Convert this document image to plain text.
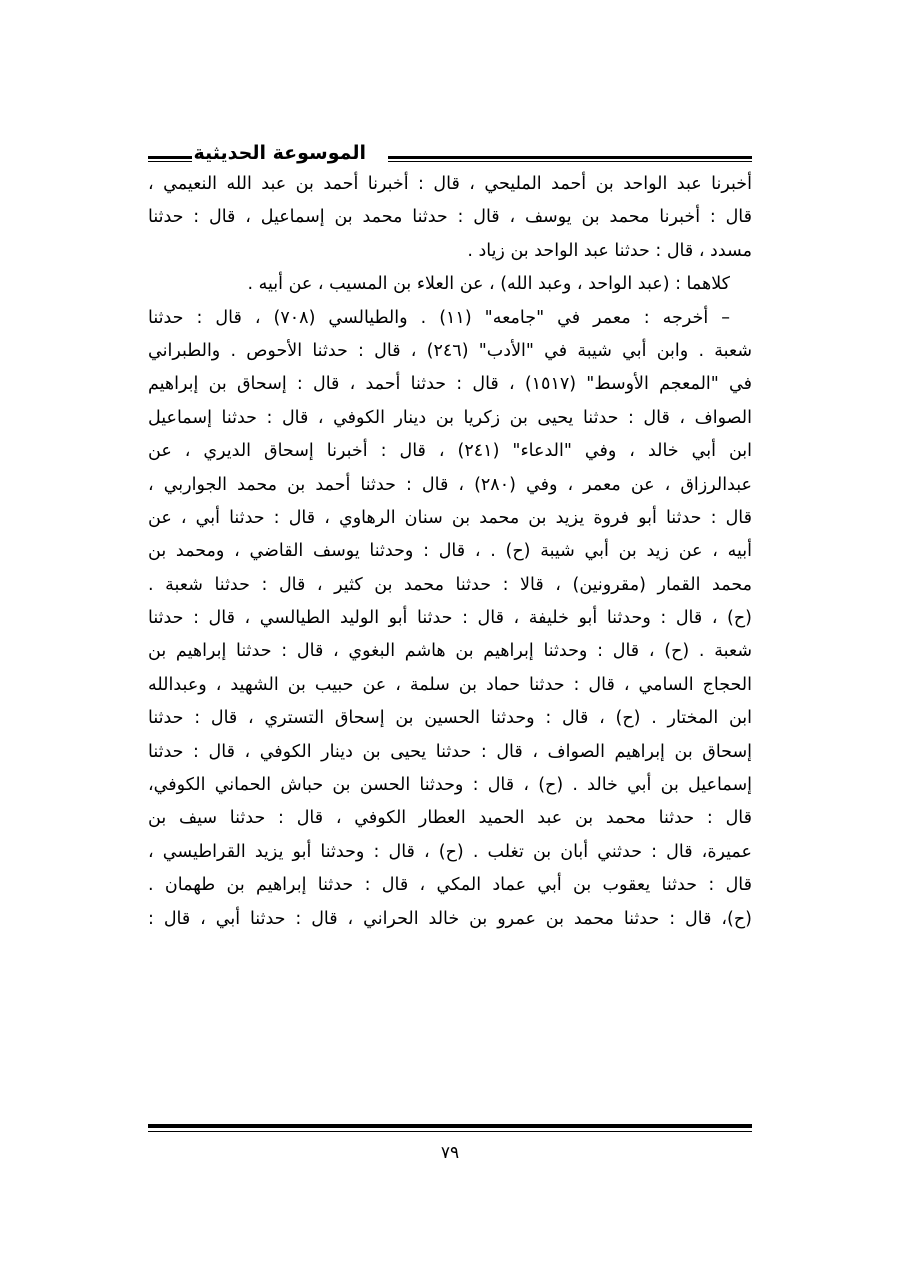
الموسوعة الحديثية
أخبرنا عبد الواحد بن أحمد المليحي ، قال : أخبرنا أحمد بن عبد الله النعيمي ،
قال : أخبرنا محمد بن يوسف ، قال : حدثنا محمد بن إسماعيل ، قال : حدثنا
مسدد ، قال : حدثنا عبد الواحد بن زياد .
كلاهما : (عبد الواحد ، وعبد الله) ، عن العلاء بن المسيب ، عن أبيه .
– أخرجه : معمر في "جامعه" (١١) . والطيالسي (٧٠٨) ، قال : حدثنا
شعبة . وابن أبي شيبة في "الأدب" (٢٤٦) ، قال : حدثنا الأحوص . والطبراني
في "المعجم الأوسط" (١٥١٧) ، قال : حدثنا أحمد ، قال : إسحاق بن إبراهيم
الصواف ، قال : حدثنا يحيى بن زكريا بن دينار الكوفي ، قال : حدثنا إسماعيل
ابن أبي خالد ، وفي "الدعاء" (٢٤١) ، قال : أخبرنا إسحاق الديري ، عن
عبدالرزاق ، عن معمر ، وفي (٢٨٠) ، قال : حدثنا أحمد بن محمد الجواربي ،
قال : حدثنا أبو فروة يزيد بن محمد بن سنان الرهاوي ، قال : حدثنا أبي ، عن
أبيه ، عن زيد بن أبي شيبة (ح) . ، قال : وحدثنا يوسف القاضي ، ومحمد بن
محمد القمار (مقرونين) ، قالا : حدثنا محمد بن كثير ، قال : حدثنا شعبة .
(ح) ، قال : وحدثنا أبو خليفة ، قال : حدثنا أبو الوليد الطيالسي ، قال : حدثنا
شعبة . (ح) ، قال : وحدثنا إبراهيم بن هاشم البغوي ، قال : حدثنا إبراهيم بن
الحجاج السامي ، قال : حدثنا حماد بن سلمة ، عن حبيب بن الشهيد ، وعبدالله
ابن المختار . (ح) ، قال : وحدثنا الحسين بن إسحاق التستري ، قال : حدثنا
إسحاق بن إبراهيم الصواف ، قال : حدثنا يحيى بن دينار الكوفي ، قال : حدثنا
إسماعيل بن أبي خالد . (ح) ، قال : وحدثنا الحسن بن حباش الحماني الكوفي،
قال : حدثنا محمد بن عبد الحميد العطار الكوفي ، قال : حدثنا سيف بن
عميرة، قال : حدثني أبان بن تغلب . (ح) ، قال : وحدثنا أبو يزيد القراطيسي ،
قال : حدثنا يعقوب بن أبي عماد المكي ، قال : حدثنا إبراهيم بن طهمان .
(ح)، قال : حدثنا محمد بن عمرو بن خالد الحراني ، قال : حدثنا أبي ، قال :
٧٩
